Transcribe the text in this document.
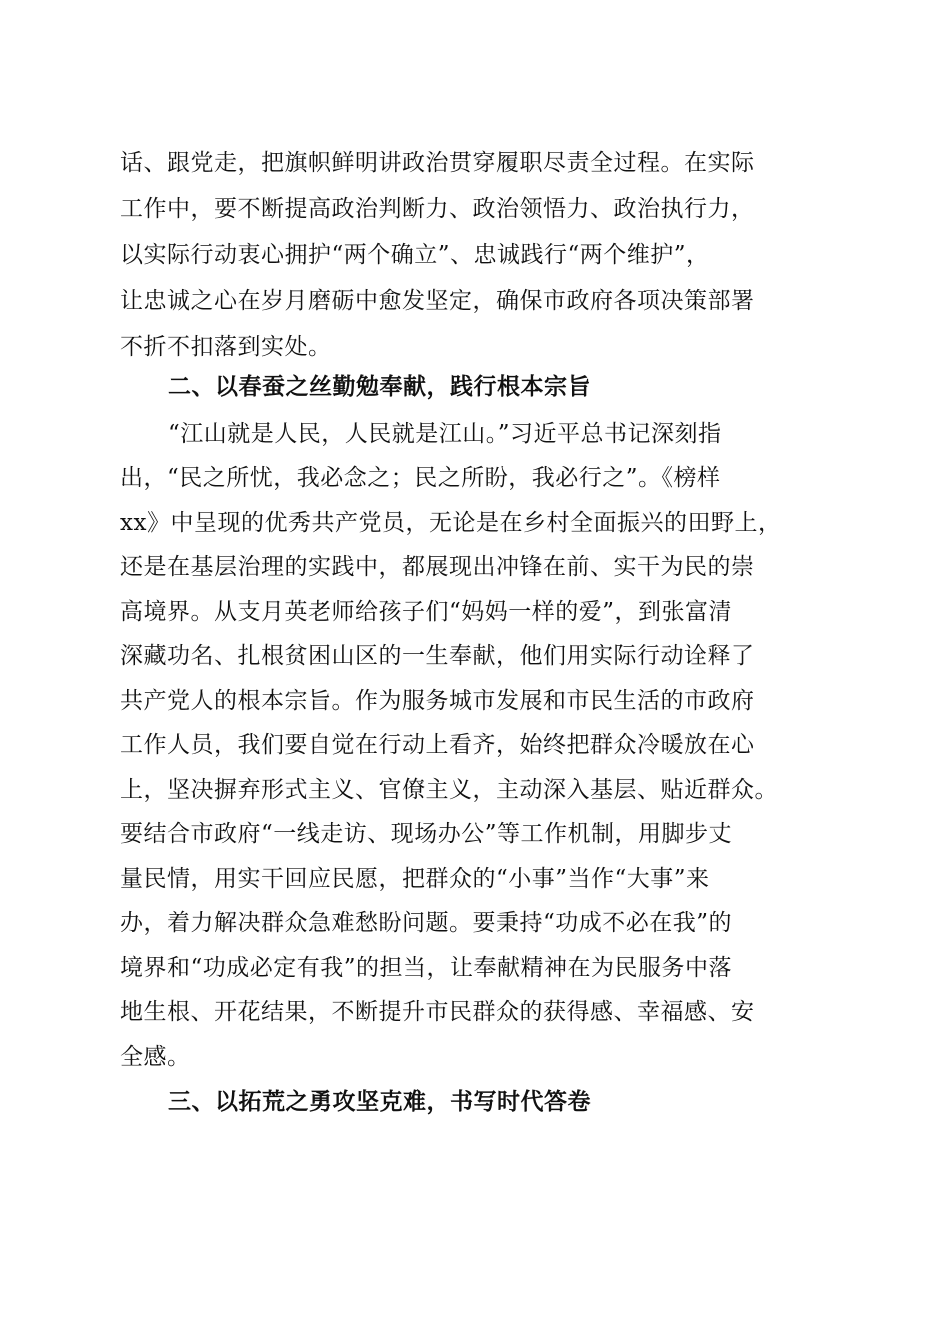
话、跟党走，把旗帜鲜明讲政治贯穿履职尽责全过程。在实际
工作中，要不断提高政治判断力、政治领悟力、政治执行力，
以实际行动衷心拥护“两个确立”、忠诚践行“两个维护”，
让忠诚之心在岁月磨砺中愈发坚定，确保市政府各项决策部署
不折不扣落到实处。
二、以春蚕之丝勤勉奉献，践行根本宗旨
“江山就是人民，人民就是江山。”习近平总书记深刻指
出，“民之所忧，我必念之；民之所盼，我必行之”。《榜样
xx》中呈现的优秀共产党员，无论是在乡村全面振兴的田野上，
还是在基层治理的实践中，都展现出冲锋在前、实干为民的崇
高境界。从支月英老师给孩子们“妈妈一样的爱”，到张富清
深藏功名、扎根贫困山区的一生奉献，他们用实际行动诠释了
共产党人的根本宗旨。作为服务城市发展和市民生活的市政府
工作人员，我们要自觉在行动上看齐，始终把群众冷暖放在心
上，坚决摒弃形式主义、官僚主义，主动深入基层、贴近群众。
要结合市政府“一线走访、现场办公”等工作机制，用脚步丈
量民情，用实干回应民愿，把群众的“小事”当作“大事”来
办，着力解决群众急难愁盼问题。要秉持“功成不必在我”的
境界和“功成必定有我”的担当，让奉献精神在为民服务中落
地生根、开花结果，不断提升市民群众的获得感、幸福感、安
全感。
三、以拓荒之勇攻坚克难，书写时代答卷
